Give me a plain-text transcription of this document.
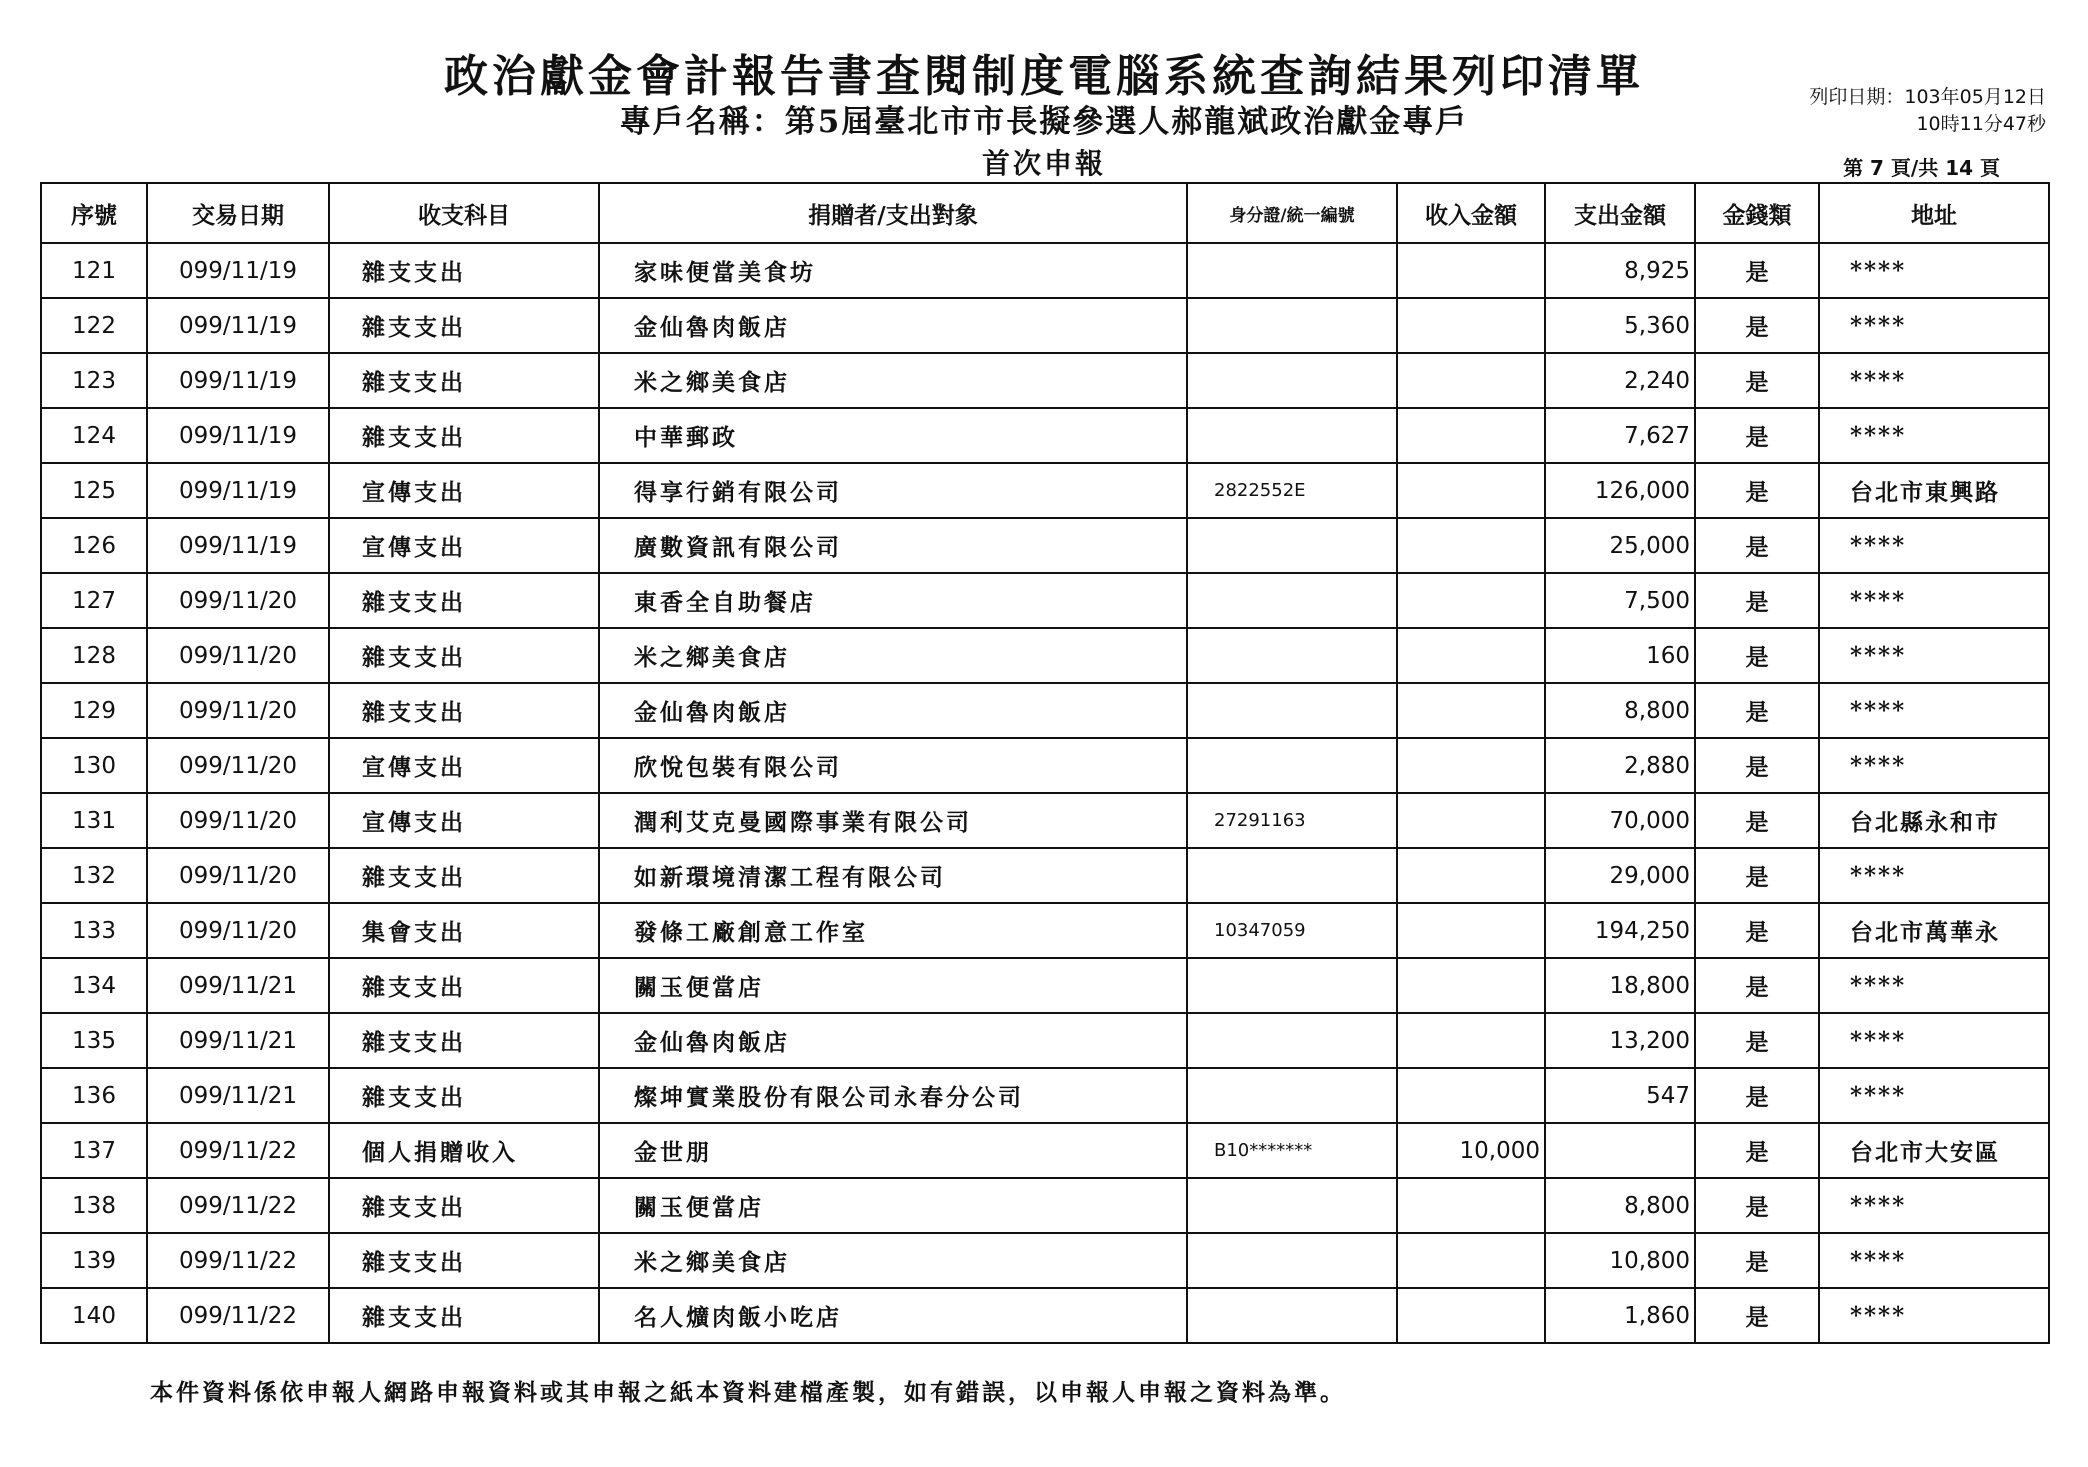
政治獻金會計報告書查閱制度電腦系統查詢結果列印清單
專戶名稱：第5屆臺北市市長擬參選人郝龍斌政治獻金專戶
首次申報
列印日期：103年05月12日
10時11分47秒
第 7 頁/共 14 頁
序號	交易日期	收支科目	捐贈者/支出對象	身分證/統一編號	收入金額	支出金額	金錢類	地址
121	099/11/19	雜支支出	家味便當美食坊			8,925	是	****
122	099/11/19	雜支支出	金仙魯肉飯店			5,360	是	****
123	099/11/19	雜支支出	米之鄉美食店			2,240	是	****
124	099/11/19	雜支支出	中華郵政			7,627	是	****
125	099/11/19	宣傳支出	得享行銷有限公司	2822552E		126,000	是	台北市東興路
126	099/11/19	宣傳支出	廣數資訊有限公司			25,000	是	****
127	099/11/20	雜支支出	東香全自助餐店			7,500	是	****
128	099/11/20	雜支支出	米之鄉美食店			160	是	****
129	099/11/20	雜支支出	金仙魯肉飯店			8,800	是	****
130	099/11/20	宣傳支出	欣悅包裝有限公司			2,880	是	****
131	099/11/20	宣傳支出	潤利艾克曼國際事業有限公司	27291163		70,000	是	台北縣永和市
132	099/11/20	雜支支出	如新環境清潔工程有限公司			29,000	是	****
133	099/11/20	集會支出	發條工廠創意工作室	10347059		194,250	是	台北市萬華永
134	099/11/21	雜支支出	關玉便當店			18,800	是	****
135	099/11/21	雜支支出	金仙魯肉飯店			13,200	是	****
136	099/11/21	雜支支出	燦坤實業股份有限公司永春分公司			547	是	****
137	099/11/22	個人捐贈收入	金世朋	B10*******	10,000		是	台北市大安區
138	099/11/22	雜支支出	關玉便當店			8,800	是	****
139	099/11/22	雜支支出	米之鄉美食店			10,800	是	****
140	099/11/22	雜支支出	名人爌肉飯小吃店			1,860	是	****
本件資料係依申報人網路申報資料或其申報之紙本資料建檔產製，如有錯誤，以申報人申報之資料為準。
